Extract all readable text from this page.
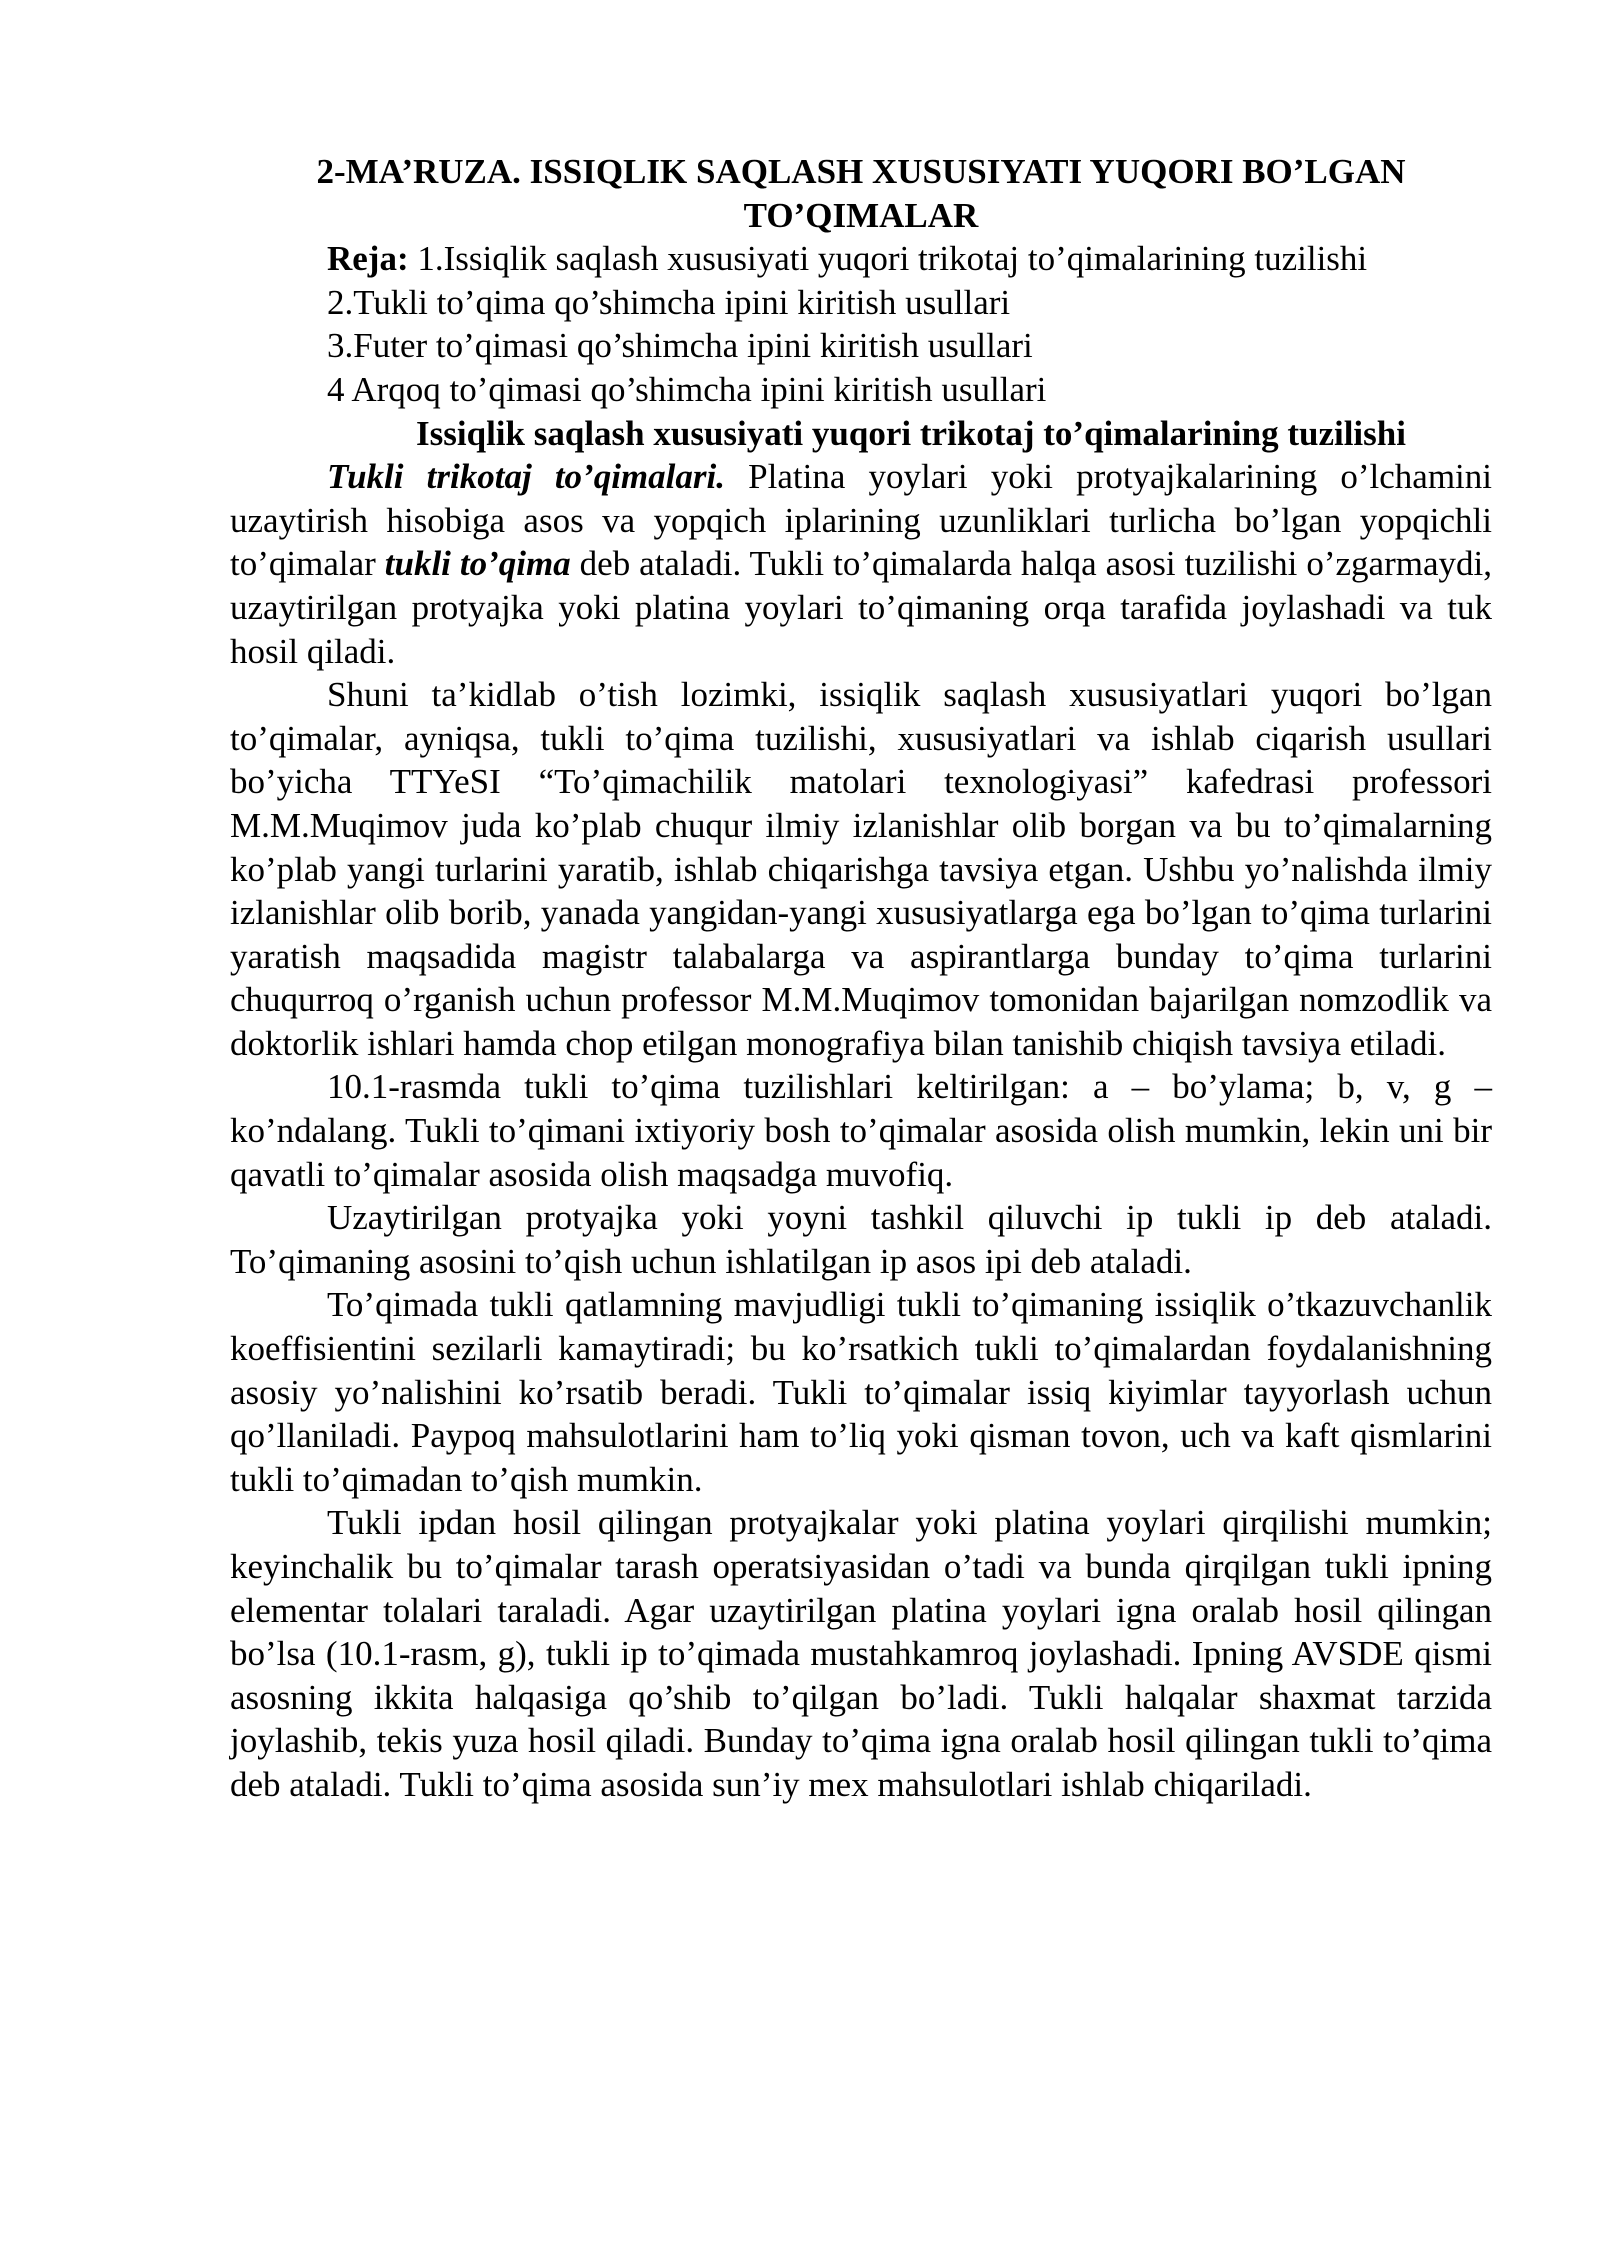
2-MA’RUZA. ISSIQLIK SAQLASH XUSUSIYATI YUQORI BO’LGAN

TO’QIMALAR

Reja: 1.Issiqlik saqlash xususiyati yuqori trikotaj to’qimalarining tuzilishi

2.Tukli to’qima qo’shimcha ipini kiritish usullari

3.Futer to’qimasi qo’shimcha ipini kiritish usullari

4 Arqoq to’qimasi qo’shimcha ipini kiritish usullari

Issiqlik saqlash xususiyati yuqori trikotaj to’qimalarining tuzilishi

Tukli trikotaj to’qimalari. Platina yoylari yoki protyajkalarining o’lchamini uzaytirish hisobiga asos va yopqich iplarining uzunliklari turlicha bo’lgan yopqichli to’qimalar tukli to’qima deb ataladi. Tukli to’qimalarda halqa asosi tuzilishi o’zgarmaydi, uzaytirilgan protyajka yoki platina yoylari to’qimaning orqa tarafida joylashadi va tuk hosil qiladi.

Shuni ta’kidlab o’tish lozimki, issiqlik saqlash xususiyatlari yuqori bo’lgan to’qimalar, ayniqsa, tukli to’qima tuzilishi, xususiyatlari va ishlab ciqarish usullari bo’yicha TTYeSI “To’qimachilik matolari texnologiyasi” kafedrasi professori M.M.Muqimov juda ko’plab chuqur ilmiy izlanishlar olib borgan va bu to’qimalarning ko’plab yangi turlarini yaratib, ishlab chiqarishga tavsiya etgan. Ushbu yo’nalishda ilmiy izlanishlar olib borib, yanada yangidan-yangi xususiyatlarga ega bo’lgan to’qima turlarini yaratish maqsadida magistr talabalarga va aspirantlarga bunday to’qima turlarini chuqurroq o’rganish uchun professor M.M.Muqimov tomonidan bajarilgan nomzodlik va doktorlik ishlari hamda chop etilgan monografiya bilan tanishib chiqish tavsiya etiladi.

10.1-rasmda tukli to’qima tuzilishlari keltirilgan: a – bo’ylama; b, v, g – ko’ndalang. Tukli to’qimani ixtiyoriy bosh to’qimalar asosida olish mumkin, lekin uni bir qavatli to’qimalar asosida olish maqsadga muvofiq.

Uzaytirilgan protyajka yoki yoyni tashkil qiluvchi ip tukli ip deb ataladi. To’qimaning asosini to’qish uchun ishlatilgan ip asos ipi deb ataladi.

To’qimada tukli qatlamning mavjudligi tukli to’qimaning issiqlik o’tkazuvchanlik koeffisientini sezilarli kamaytiradi; bu ko’rsatkich tukli to’qimalardan foydalanishning asosiy yo’nalishini ko’rsatib beradi. Tukli to’qimalar issiq kiyimlar tayyorlash uchun qo’llaniladi. Paypoq mahsulotlarini ham to’liq yoki qisman tovon, uch va kaft qismlarini tukli to’qimadan to’qish mumkin.

Tukli ipdan hosil qilingan protyajkalar yoki platina yoylari qirqilishi mumkin; keyinchalik bu to’qimalar tarash operatsiyasidan o’tadi va bunda qirqilgan tukli ipning elementar tolalari taraladi. Agar uzaytirilgan platina yoylari igna oralab hosil qilingan bo’lsa (10.1-rasm, g), tukli ip to’qimada mustahkamroq joylashadi. Ipning AVSDE qismi asosning ikkita halqasiga qo’shib to’qilgan bo’ladi. Tukli halqalar shaxmat tarzida joylashib, tekis yuza hosil qiladi. Bunday to’qima igna oralab hosil qilingan tukli to’qima deb ataladi. Tukli to’qima asosida sun’iy mex mahsulotlari ishlab chiqariladi.
